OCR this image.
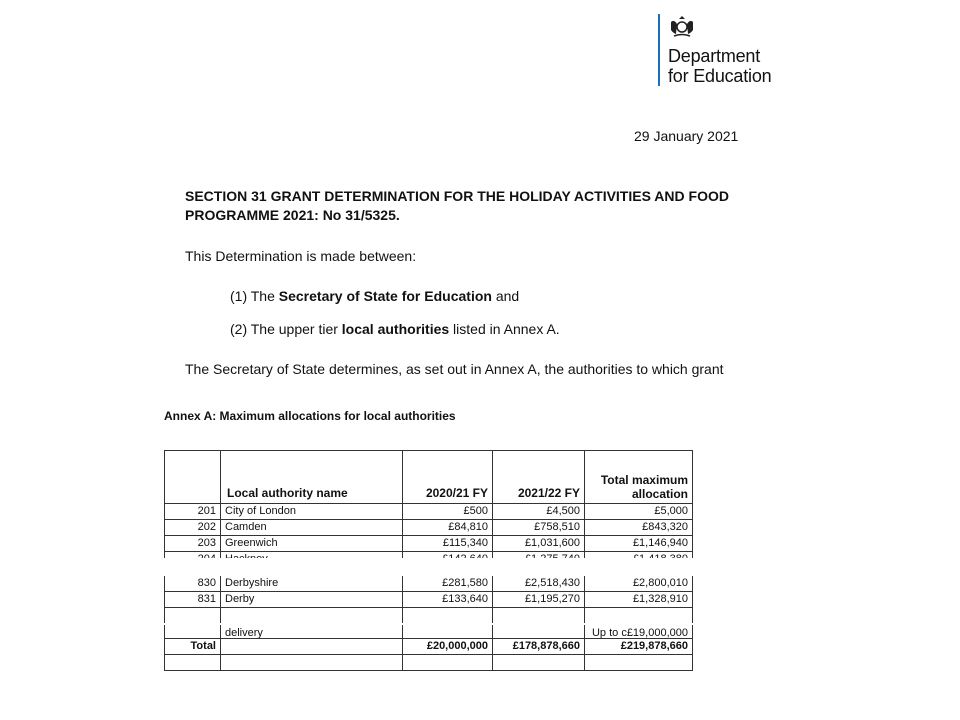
Department
for Education
29 January 2021
SECTION 31 GRANT DETERMINATION FOR THE HOLIDAY ACTIVITIES AND FOOD PROGRAMME 2021: No 31/5325.
This Determination is made between:
(1) The Secretary of State for Education and
(2) The upper tier local authorities listed in Annex A.
The Secretary of State determines, as set out in Annex A, the authorities to which grant
Annex A: Maximum allocations for local authorities
	Local authority name	2020/21 FY	2021/22 FY	Total maximum allocation
201	City of London	£500	£4,500	£5,000
202	Camden	£84,810	£758,510	£843,320
203	Greenwich	£115,340	£1,031,600	£1,146,940

830	Derbyshire	£281,580	£2,518,430	£2,800,010
831	Derby	£133,640	£1,195,270	£1,328,910

	delivery			Up to c£19,000,000
Total		£20,000,000	£178,878,660	£219,878,660
